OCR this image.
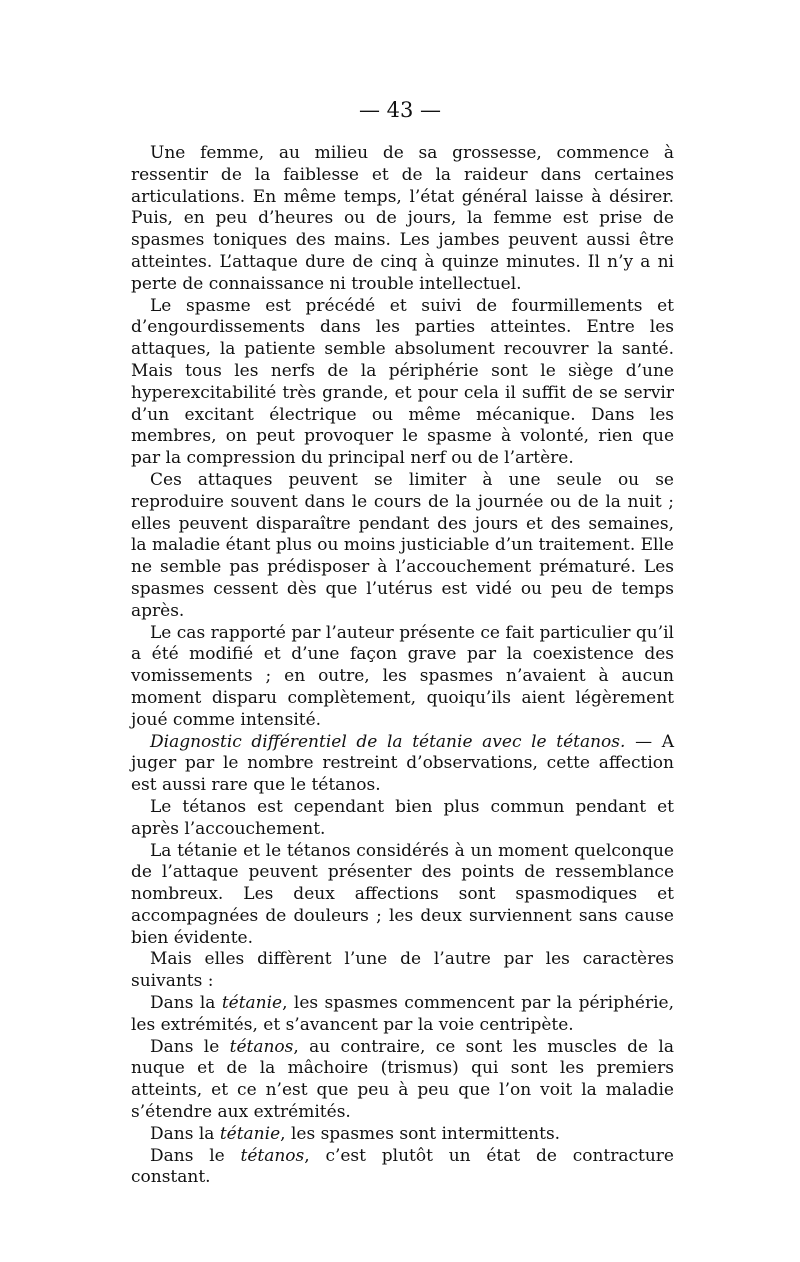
— 43 —

Une femme, au milieu de sa grossesse, commence à ressentir de la faiblesse et de la raideur dans certaines articulations. En même temps, l’état général laisse à désirer. Puis, en peu d’heures ou de jours, la femme est prise de spasmes toniques des mains. Les jambes peuvent aussi être atteintes. L’attaque dure de cinq à quinze minutes. Il n’y a ni perte de connaissance ni trouble intellectuel.

Le spasme est précédé et suivi de fourmillements et d’engourdissements dans les parties atteintes. Entre les attaques, la patiente semble absolument recouvrer la santé. Mais tous les nerfs de la périphérie sont le siège d’une hyperexcitabilité très grande, et pour cela il suffit de se servir d’un excitant électrique ou même mécanique. Dans les membres, on peut provoquer le spasme à volonté, rien que par la compression du principal nerf ou de l’artère.

Ces attaques peuvent se limiter à une seule ou se reproduire souvent dans le cours de la journée ou de la nuit ; elles peuvent disparaître pendant des jours et des semaines, la maladie étant plus ou moins justiciable d’un traitement. Elle ne semble pas prédisposer à l’accouchement prématuré. Les spasmes cessent dès que l’utérus est vidé ou peu de temps après.

Le cas rapporté par l’auteur présente ce fait particulier qu’il a été modifié et d’une façon grave par la coexistence des vomissements ; en outre, les spasmes n’avaient à aucun moment disparu complètement, quoiqu’ils aient légèrement joué comme intensité.

Diagnostic différentiel de la tétanie avec le tétanos. — A juger par le nombre restreint d’observations, cette affection est aussi rare que le tétanos.

Le tétanos est cependant bien plus commun pendant et après l’accouchement.

La tétanie et le tétanos considérés à un moment quelconque de l’attaque peuvent présenter des points de ressemblance nombreux. Les deux affections sont spasmodiques et accompagnées de douleurs ; les deux surviennent sans cause bien évidente.

Mais elles diffèrent l’une de l’autre par les caractères suivants :

Dans la tétanie, les spasmes commencent par la périphérie, les extrémités, et s’avancent par la voie centripète.

Dans le tétanos, au contraire, ce sont les muscles de la nuque et de la mâchoire (trismus) qui sont les premiers atteints, et ce n’est que peu à peu que l’on voit la maladie s’étendre aux extrémités.

Dans la tétanie, les spasmes sont intermittents.

Dans le tétanos, c’est plutôt un état de contracture constant.
